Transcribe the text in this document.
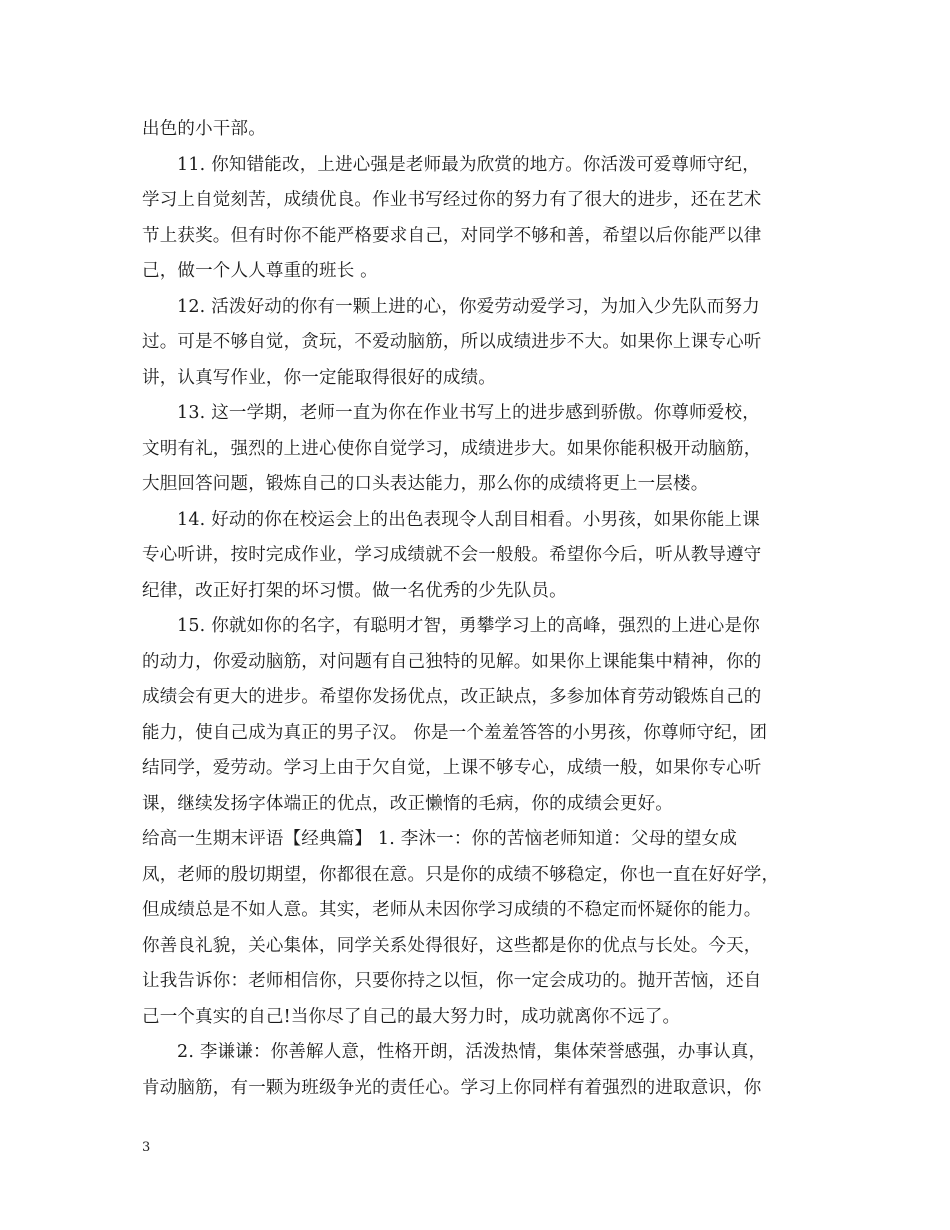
出色的小干部。
11. 你知错能改，上进心强是老师最为欣赏的地方。你活泼可爱尊师守纪，
学习上自觉刻苦，成绩优良。作业书写经过你的努力有了很大的进步，还在艺术
节上获奖。但有时你不能严格要求自己，对同学不够和善，希望以后你能严以律
己，做一个人人尊重的班长 。
12. 活泼好动的你有一颗上进的心，你爱劳动爱学习，为加入少先队而努力
过。可是不够自觉，贪玩，不爱动脑筋，所以成绩进步不大。如果你上课专心听
讲，认真写作业，你一定能取得很好的成绩。
13. 这一学期，老师一直为你在作业书写上的进步感到骄傲。你尊师爱校，
文明有礼，强烈的上进心使你自觉学习，成绩进步大。如果你能积极开动脑筋，
大胆回答问题，锻炼自己的口头表达能力，那么你的成绩将更上一层楼。
14. 好动的你在校运会上的出色表现令人刮目相看。小男孩，如果你能上课
专心听讲，按时完成作业，学习成绩就不会一般般。希望你今后，听从教导遵守
纪律，改正好打架的坏习惯。做一名优秀的少先队员。
15. 你就如你的名字，有聪明才智，勇攀学习上的高峰，强烈的上进心是你
的动力，你爱动脑筋，对问题有自己独特的见解。如果你上课能集中精神，你的
成绩会有更大的进步。希望你发扬优点，改正缺点，多参加体育劳动锻炼自己的
能力，使自己成为真正的男子汉。 你是一个羞羞答答的小男孩，你尊师守纪，团
结同学，爱劳动。学习上由于欠自觉，上课不够专心，成绩一般，如果你专心听
课，继续发扬字体端正的优点，改正懒惰的毛病，你的成绩会更好。
给高一生期末评语【经典篇】 1. 李沐一：你的苦恼老师知道：父母的望女成
凤，老师的殷切期望，你都很在意。只是你的成绩不够稳定，你也一直在好好学，
但成绩总是不如人意。其实，老师从未因你学习成绩的不稳定而怀疑你的能力。
你善良礼貌，关心集体，同学关系处得很好，这些都是你的优点与长处。今天，
让我告诉你：老师相信你，只要你持之以恒，你一定会成功的。抛开苦恼，还自
己一个真实的自己!当你尽了自己的最大努力时，成功就离你不远了。
2. 李谦谦：你善解人意，性格开朗，活泼热情，集体荣誉感强，办事认真，
肯动脑筋，有一颗为班级争光的责任心。学习上你同样有着强烈的进取意识，你
3
